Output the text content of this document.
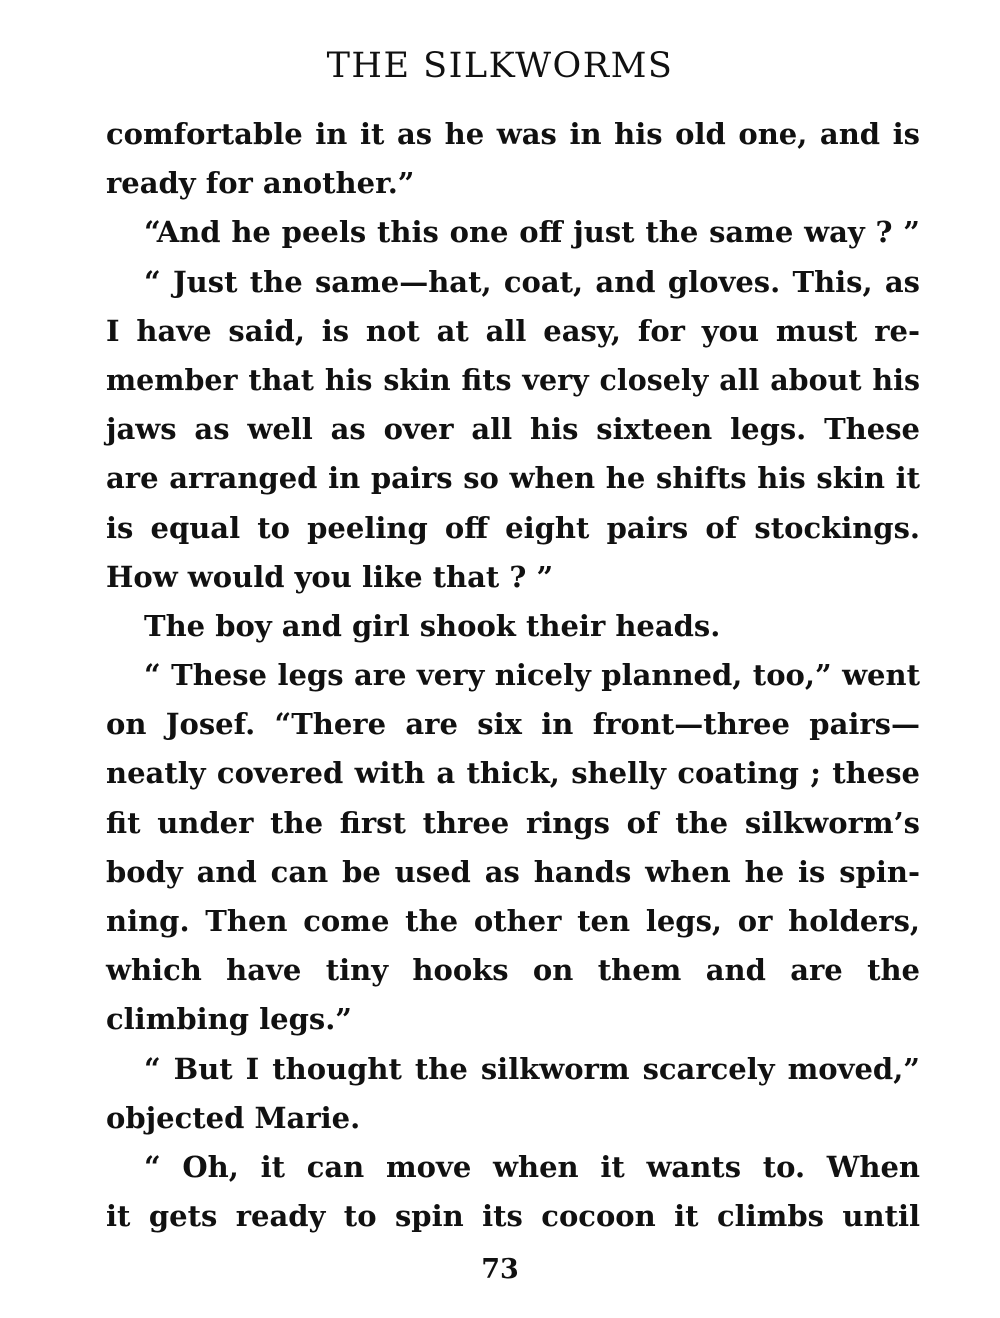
THE SILKWORMS
comfortable in it as he was in his old one, and is
ready for another.”
“And he peels this one off just the same way ? ”
“ Just the same—hat, coat, and gloves. This, as
I have said, is not at all easy, for you must re-
member that his skin fits very closely all about his
jaws as well as over all his sixteen legs. These
are arranged in pairs so when he shifts his skin it
is equal to peeling off eight pairs of stockings.
How would you like that ? ”
The boy and girl shook their heads.
“ These legs are very nicely planned, too,” went
on Josef. “There are six in front—three pairs—
neatly covered with a thick, shelly coating ; these
fit under the first three rings of the silkworm’s
body and can be used as hands when he is spin-
ning. Then come the other ten legs, or holders,
which have tiny hooks on them and are the
climbing legs.”
“ But I thought the silkworm scarcely moved,”
objected Marie.
“ Oh, it can move when it wants to. When
it gets ready to spin its cocoon it climbs until
73
